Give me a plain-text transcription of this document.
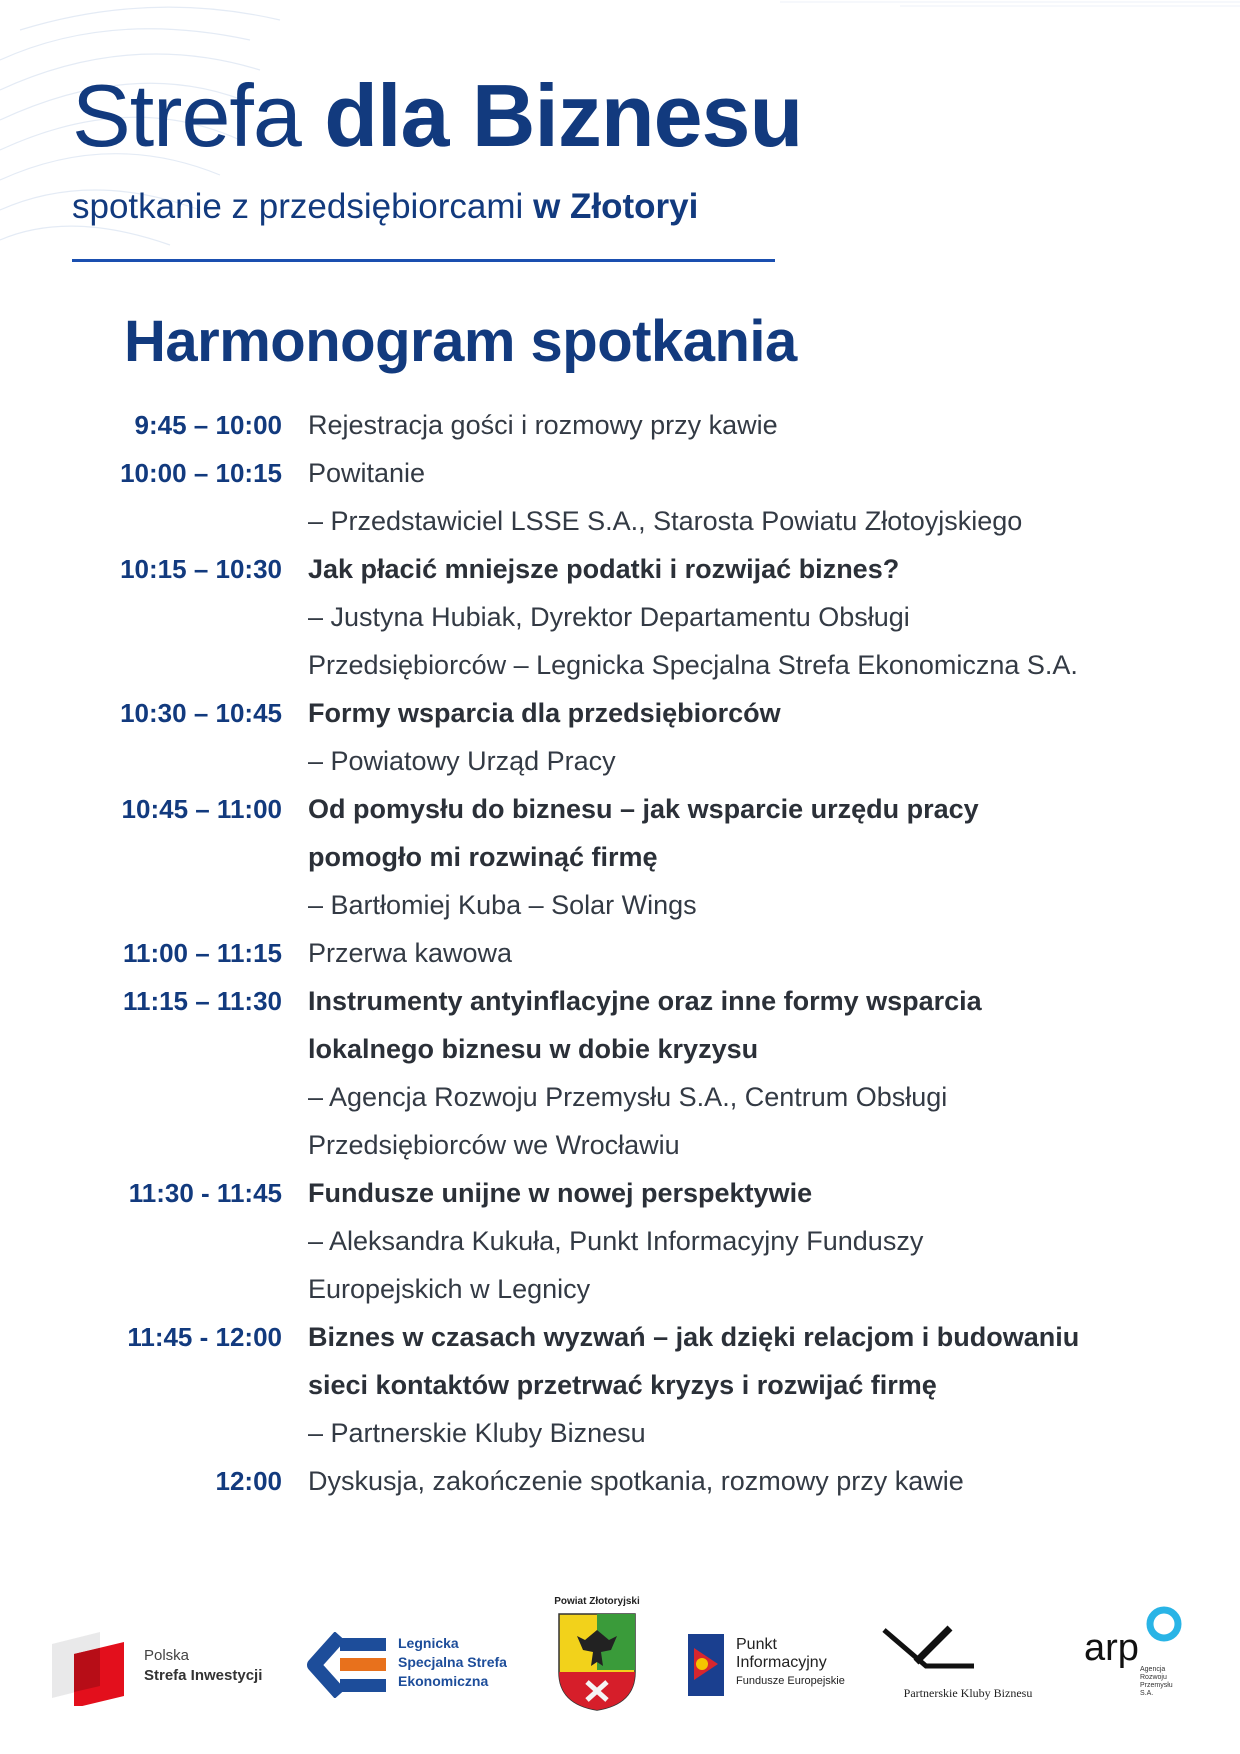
Strefa dla Biznesu
spotkanie z przedsiębiorcami w Złotoryi
Harmonogram spotkania
9:45 – 10:00 Rejestracja gości i rozmowy przy kawie
10:00 – 10:15 Powitanie
– Przedstawiciel LSSE S.A., Starosta Powiatu Złotoyjskiego
10:15 – 10:30 Jak płacić mniejsze podatki i rozwijać biznes?
– Justyna Hubiak, Dyrektor Departamentu Obsługi
Przedsiębiorców – Legnicka Specjalna Strefa Ekonomiczna S.A.
10:30 – 10:45 Formy wsparcia dla przedsiębiorców
– Powiatowy Urząd Pracy
10:45 – 11:00 Od pomysłu do biznesu – jak wsparcie urzędu pracy
pomogło mi rozwinąć firmę
– Bartłomiej Kuba – Solar Wings
11:00 – 11:15 Przerwa kawowa
11:15 – 11:30 Instrumenty antyinflacyjne oraz inne formy wsparcia
lokalnego biznesu w dobie kryzysu
– Agencja Rozwoju Przemysłu S.A., Centrum Obsługi
Przedsiębiorców we Wrocławiu
11:30 - 11:45 Fundusze unijne w nowej perspektywie
– Aleksandra Kukuła, Punkt Informacyjny Funduszy
Europejskich w Legnicy
11:45 - 12:00 Biznes w czasach wyzwań – jak dzięki relacjom i budowaniu
sieci kontaktów przetrwać kryzys i rozwijać firmę
– Partnerskie Kluby Biznesu
12:00 Dyskusja, zakończenie spotkania, rozmowy przy kawie
Polska
Strefa Inwestycji
Legnicka
Specjalna Strefa
Ekonomiczna
Powiat Złotoryjski
Punkt
Informacyjny
Fundusze Europejskie
Partnerskie Kluby Biznesu
arp
Agencja
Rozwoju
Przemysłu
S.A.
